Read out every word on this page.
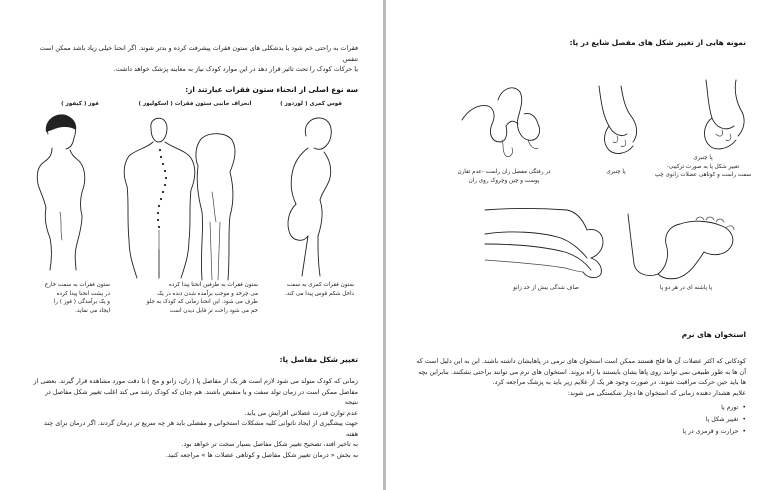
فقرات به راحتی خم شود یا بدشکلی های ستون فقرات پیشرفت کرده و بدتر شوند. اگر انحنا خیلی زیاد باشد ممکن است تنفس
یا حرکات کودک را تحت تاثیر قرار دهد در این موارد کودک نیاز به معاینه پزشک خواهد داشت.
سه نوع اصلی از انحناء ستون فقرات عبارتند از:
قوز ( کیفوز )	انحراف جانبی ستون فقرات ( اسکولیوز )	قوس کمری ( لوردوز )
ستون فقرات به سمت خارج
در پشت انحنا پیدا کرده
و یک برآمدگی ( قوز ) را
ایجاد می نماید.
ستون فقرات به طرفین انحنا پیدا کرده
می چرخد و موجب برآمده شدن دنده در یک
طرف می شود. این انحنا زمانی که کودک به جلو
خم می شود راحت تر قابل دیدن است
ستون فقرات کمری به سمت
داخل شکم قوس پیدا می کند.
تغییر شکل مفاصل پا:
زمانی که کودک متولد می شود لازم است هر یک از مفاصل پا ( ران، زانو و مچ ) با دقت مورد مشاهده قرار گیرند. بعضی از
مفاصل ممکن است در زمان تولد سفت و یا منقبض باشند. هم چنان که کودک رشد می کند اغلب تغییر شکل مفاصل در نتیجه
عدم توازن قدرت عضلانی افزایش می یابد.
جهت پیشگیری از ایجاد ناتوانی کلیه مشکلات استخوانی و مفصلی باید هر چه سریع تر درمان گردند. اگر درمان برای چند هفته
به تاخیر افتد، تصحیح تغییر شکل مفاصل بسیار سخت تر خواهد بود.
به بخش « درمان تغییر شکل مفاصل و کوتاهی عضلات ها » مراجعه کنید.
نمونه هایی از تغییر شکل های مفصل شایع در پا:
در رفتگی مفصل ران راست -عدم تقارن
پوست و چین وچروک روی ران
پا چنبری
پا چنبری
تغییر شکل پا به صورت ترکیبی-
سمت راست و کوتاهی عضلات زانوی چپ
صاف شدگی بیش از حد زانو	پا پاشنه ای در هر دو پا
استخوان های نرم
کودکانی که اکثر عضلات آن ها فلج هستند ممکن است استخوان های نرمی در پاهایشان داشته باشند. این به این دلیل است که
آن ها به طور طبیعی نمی توانند روی پاها یشان بایستند یا راه بروند. استخوان های نرم می توانند براحتی بشکنند. بنابراین بچه
ها باید حین حرکت مراقبت شوند. در صورت وجود هر یک از علایم زیر باید به پزشک مراجعه کرد.
علایم هشدار دهنده زمانی که استخوان ها دچار شکستگی می شوند:
•  تورم پا
•  تغییر شکل پا
•  حرارت و قرمزی در پا
